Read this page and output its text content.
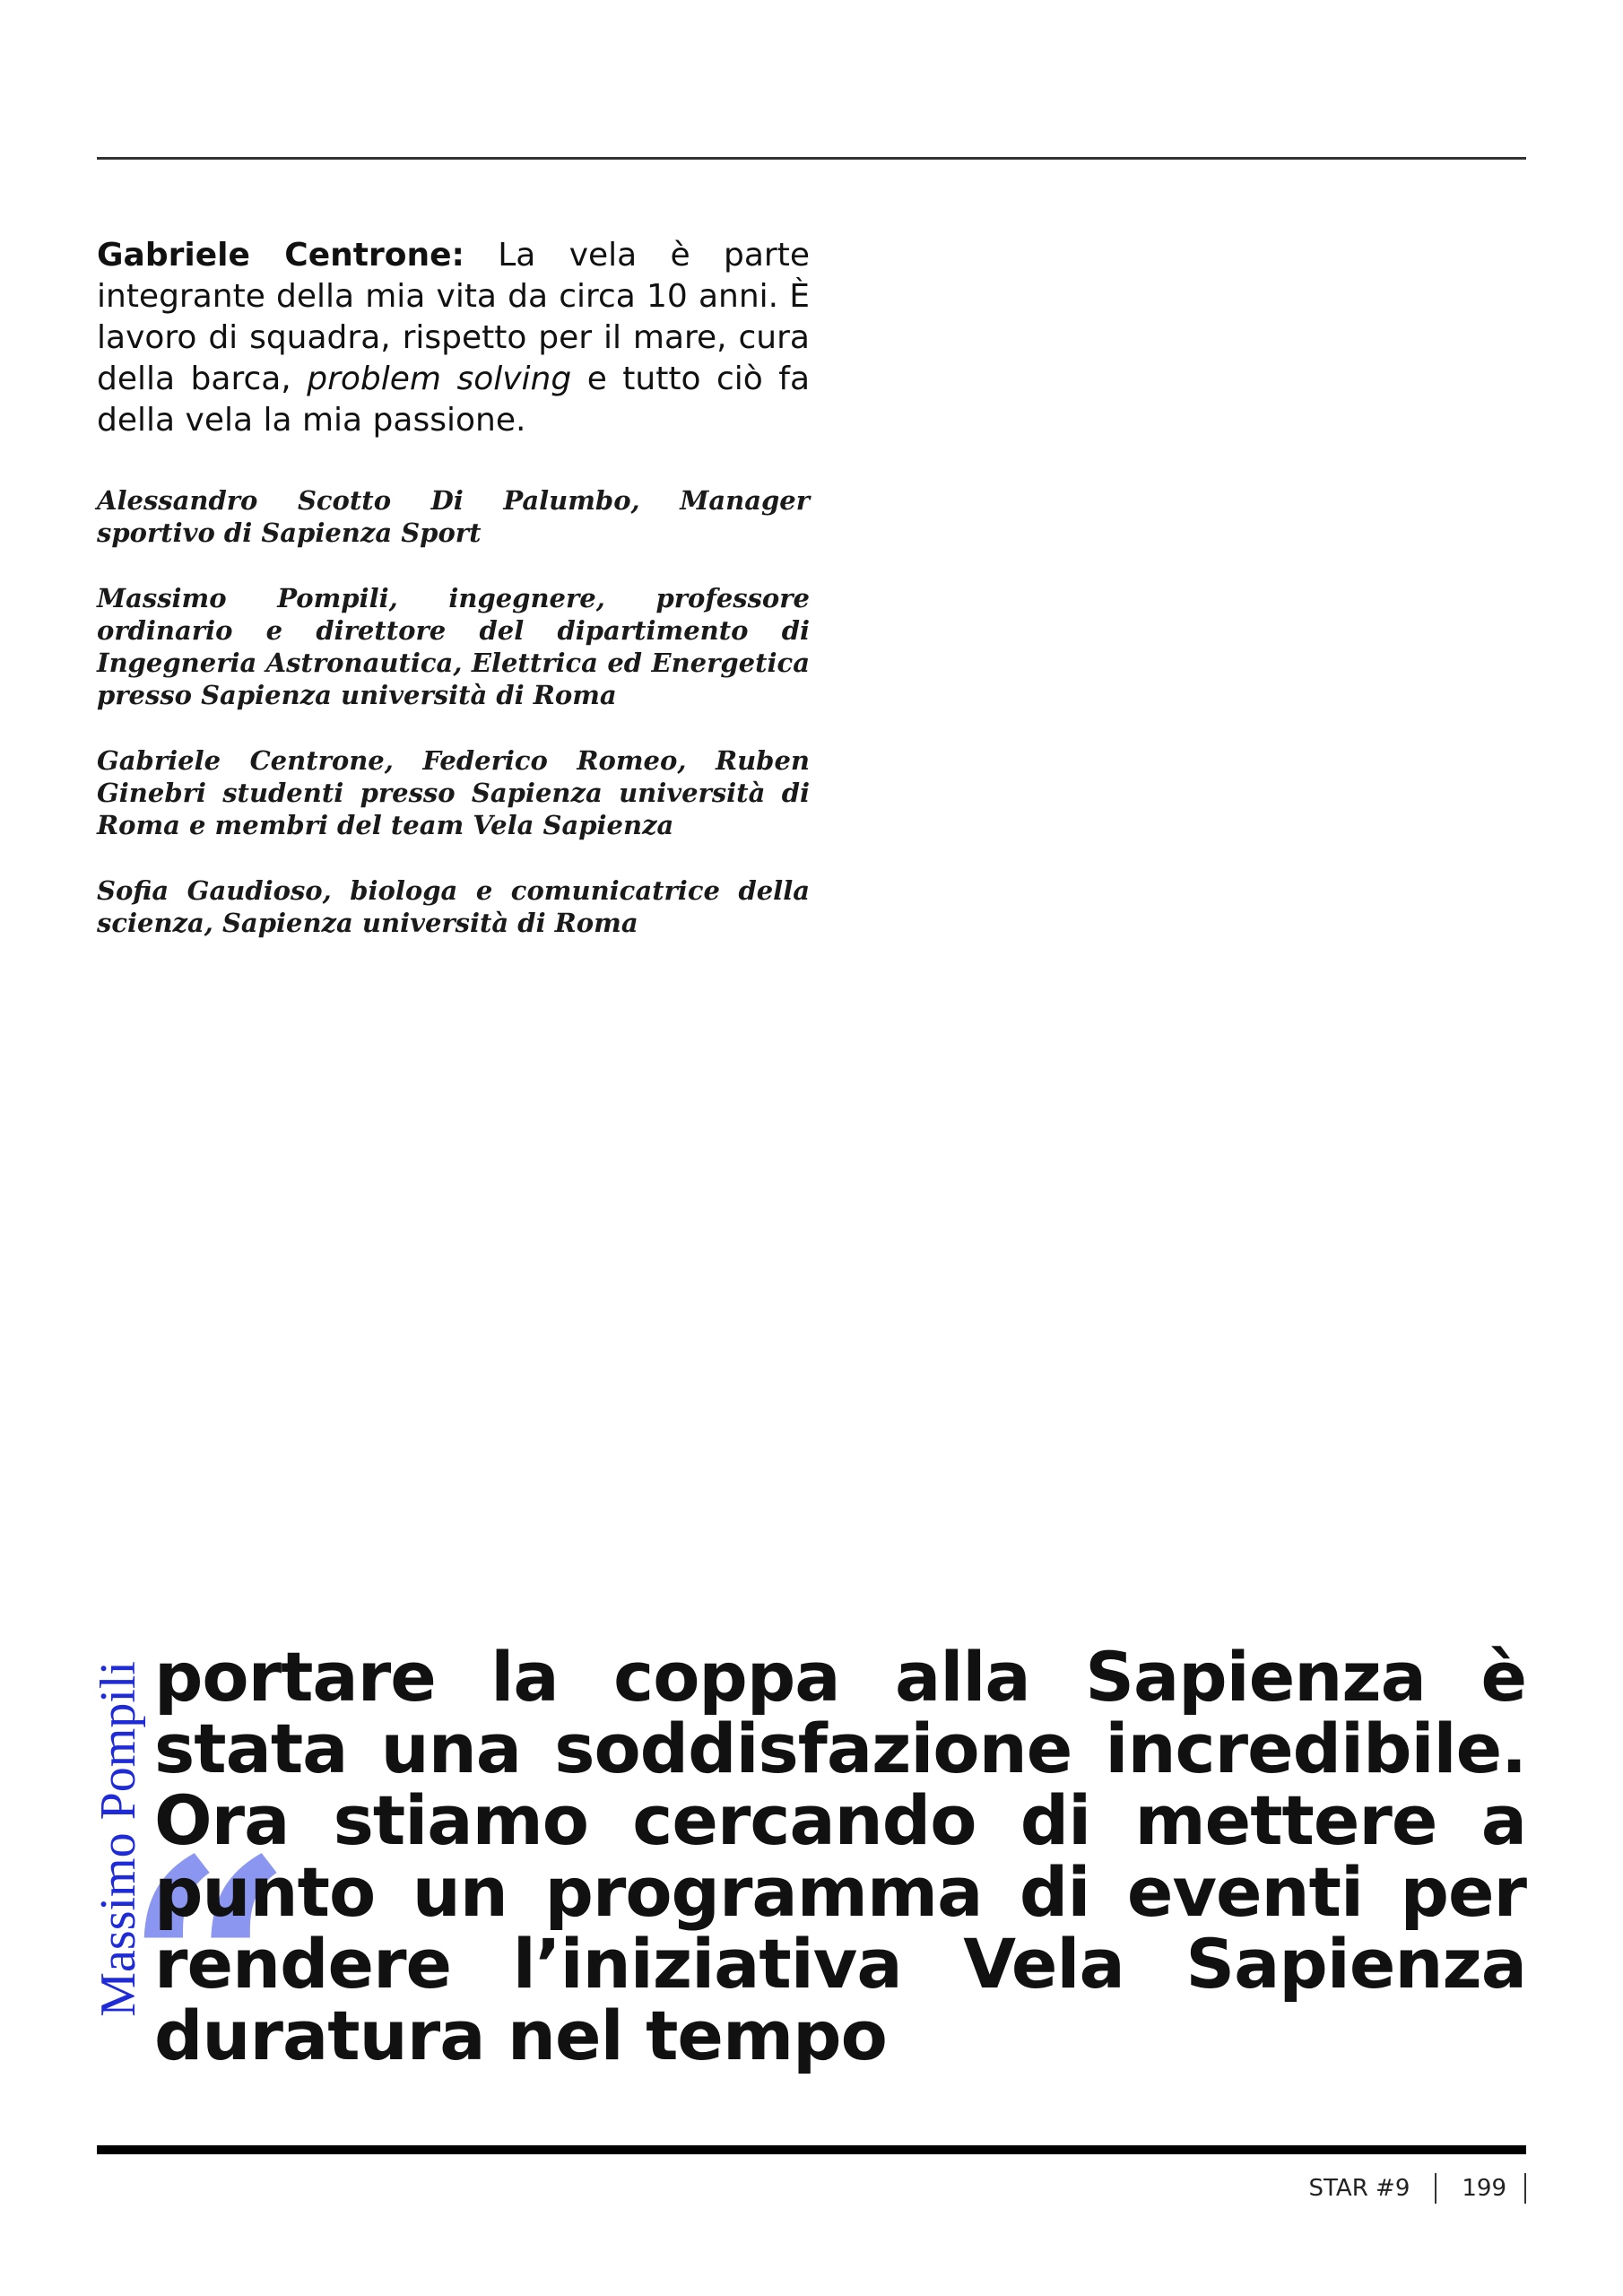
Gabriele Centrone: La vela è parte integrante della mia vita da circa 10 anni. È lavoro di squadra, rispetto per il mare, cura della barca, problem solving e tutto ciò fa della vela la mia passione.

Alessandro Scotto Di Palumbo, Manager sportivo di Sapienza Sport

Massimo Pompili, ingegnere, professore ordinario e direttore del dipartimento di Ingegneria Astronautica, Elettrica ed Energetica presso Sapienza università di Roma

Gabriele Centrone, Federico Romeo, Ruben Ginebri studenti presso Sapienza università di Roma e membri del team Vela Sapienza

Sofia Gaudioso, biologa e comunicatrice della scienza, Sapienza università di Roma

Massimo Pompili
“

portare la coppa alla Sapienza è stata una soddisfazione incredibile. Ora stiamo cercando di mettere a punto un programma di eventi per rendere l’iniziativa Vela Sapienza duratura nel tempo

STAR #9 199
